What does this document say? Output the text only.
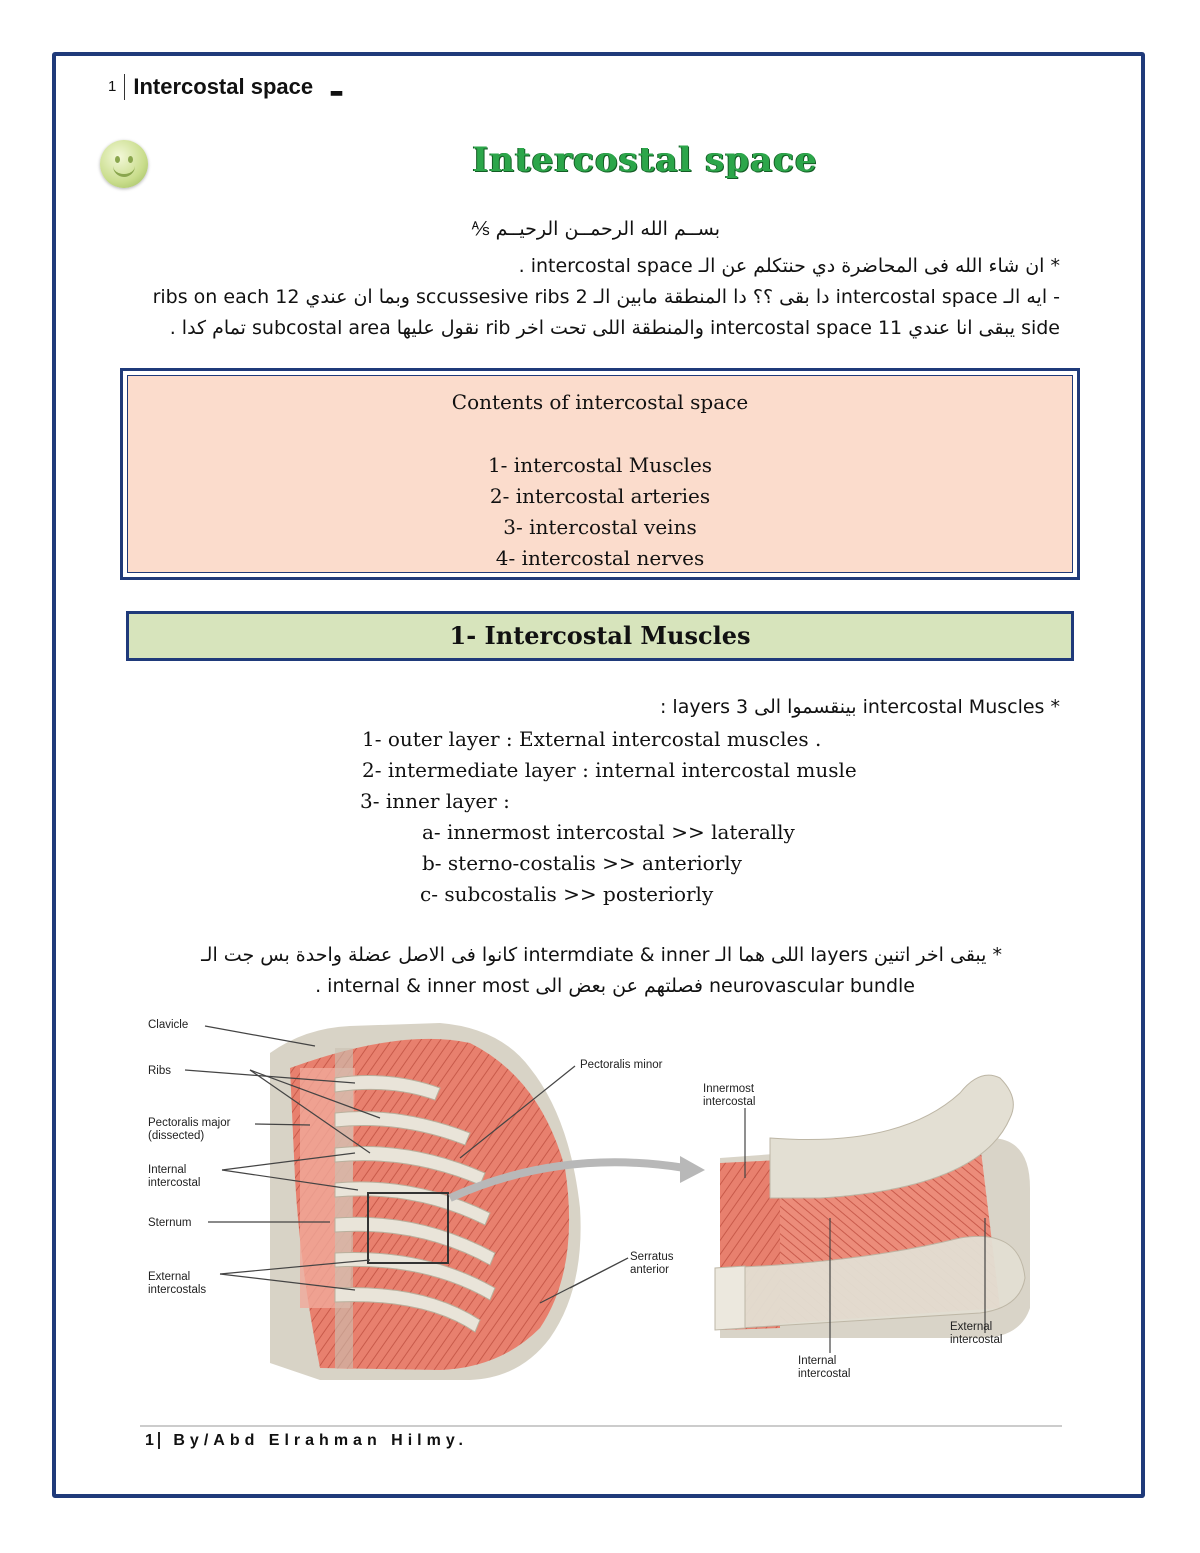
1 Intercostal space ▂
Intercostal space
بســم الله الرحمــن الرحيــم ⅍
* ان شاء الله فى المحاضرة دي حنتكلم عن الـ intercostal space .
- ايه الـ intercostal space دا بقى ؟؟ دا المنطقة مابين الـ 2 sccussesive ribs وبما ان عندي 12 ribs on each
side يبقى انا عندي 11 intercostal space والمنطقة اللى تحت اخر rib نقول عليها subcostal area تمام كدا .
Contents of intercostal space
1- intercostal Muscles
2- intercostal arteries
3- intercostal veins
4- intercostal nerves
1- Intercostal Muscles
* intercostal Muscles بينقسموا الى 3 layers :
1- outer layer : External intercostal muscles .
2- intermediate layer : internal intercostal musle
3- inner layer :
a- innermost intercostal >> laterally
b- sterno-costalis >> anteriorly
c- subcostalis >> posteriorly
* يبقى اخر اتنين layers اللى هما الـ intermdiate & inner كانوا فى الاصل عضلة واحدة بس جت الـ
neurovascular bundle فصلتهم عن بعض الى internal & inner most .
Clavicle
Ribs
Pectoralis major
(dissected)
Internal
intercostal
Sternum
External
intercostals
Pectoralis minor
Serratus
anterior
Innermost
intercostal
External
intercostal
Internal
intercostal
1 By/Abd Elrahman Hilmy.
